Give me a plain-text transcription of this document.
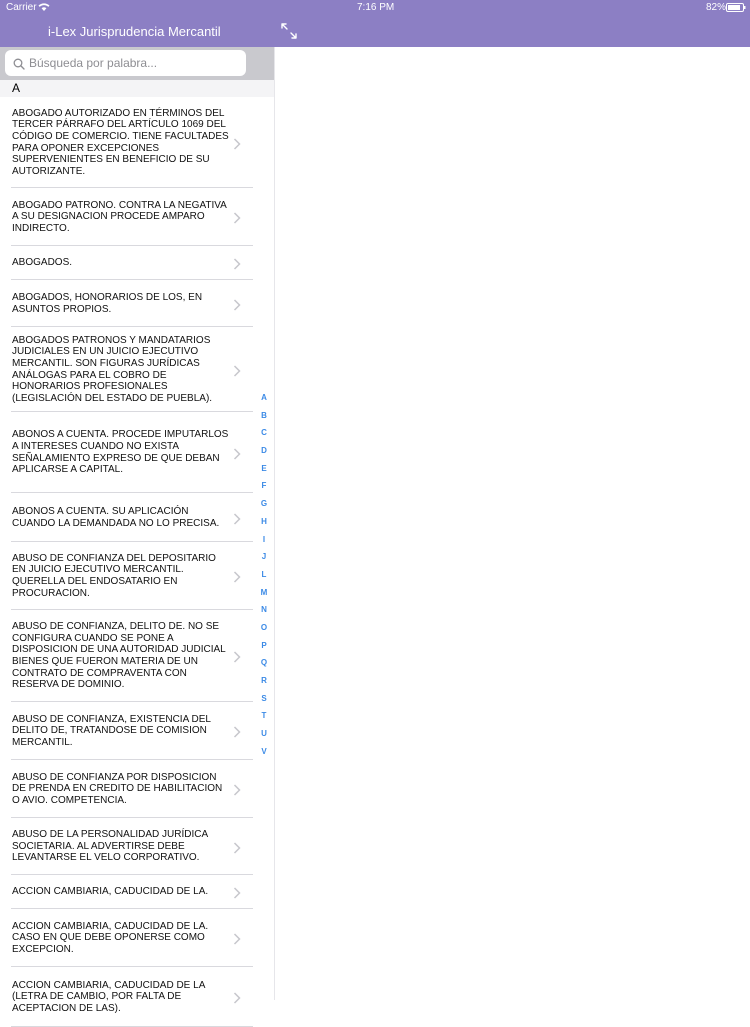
Carrier	7:16 PM	82%
i-Lex Jurisprudencia Mercantil
Búsqueda por palabra...
A
ABOGADO AUTORIZADO EN TÉRMINOS DEL TERCER PÁRRAFO DEL ARTÍCULO 1069 DEL CÓDIGO DE COMERCIO. TIENE FACULTADES PARA OPONER EXCEPCIONES SUPERVENIENTES EN BENEFICIO DE SU AUTORIZANTE.
ABOGADO PATRONO. CONTRA LA NEGATIVA A SU DESIGNACION PROCEDE AMPARO INDIRECTO.
ABOGADOS.
ABOGADOS, HONORARIOS DE LOS, EN ASUNTOS PROPIOS.
ABOGADOS PATRONOS Y MANDATARIOS JUDICIALES EN UN JUICIO EJECUTIVO MERCANTIL. SON FIGURAS JURÍDICAS ANÁLOGAS PARA EL COBRO DE HONORARIOS PROFESIONALES (LEGISLACIÓN DEL ESTADO DE PUEBLA).
ABONOS A CUENTA. PROCEDE IMPUTARLOS A INTERESES CUANDO NO EXISTA SEÑALAMIENTO EXPRESO DE QUE DEBAN APLICARSE A CAPITAL.
ABONOS A CUENTA. SU APLICACIÓN CUANDO LA DEMANDADA NO LO PRECISA.
ABUSO DE CONFIANZA DEL DEPOSITARIO EN JUICIO EJECUTIVO MERCANTIL. QUERELLA DEL ENDOSATARIO EN PROCURACION.
ABUSO DE CONFIANZA, DELITO DE. NO SE CONFIGURA CUANDO SE PONE A DISPOSICION DE UNA AUTORIDAD JUDICIAL BIENES QUE FUERON MATERIA DE UN CONTRATO DE COMPRAVENTA CON RESERVA DE DOMINIO.
ABUSO DE CONFIANZA, EXISTENCIA DEL DELITO DE, TRATANDOSE DE COMISION MERCANTIL.
ABUSO DE CONFIANZA POR DISPOSICION DE PRENDA EN CREDITO DE HABILITACION O AVIO. COMPETENCIA.
ABUSO DE LA PERSONALIDAD JURÍDICA SOCIETARIA. AL ADVERTIRSE DEBE LEVANTARSE EL VELO CORPORATIVO.
ACCION CAMBIARIA, CADUCIDAD DE LA.
ACCION CAMBIARIA, CADUCIDAD DE LA. CASO EN QUE DEBE OPONERSE COMO EXCEPCION.
ACCION CAMBIARIA, CADUCIDAD DE LA (LETRA DE CAMBIO, POR FALTA DE ACEPTACION DE LAS).
A
B
C
D
E
F
G
H
I
J
L
M
N
O
P
Q
R
S
T
U
V
